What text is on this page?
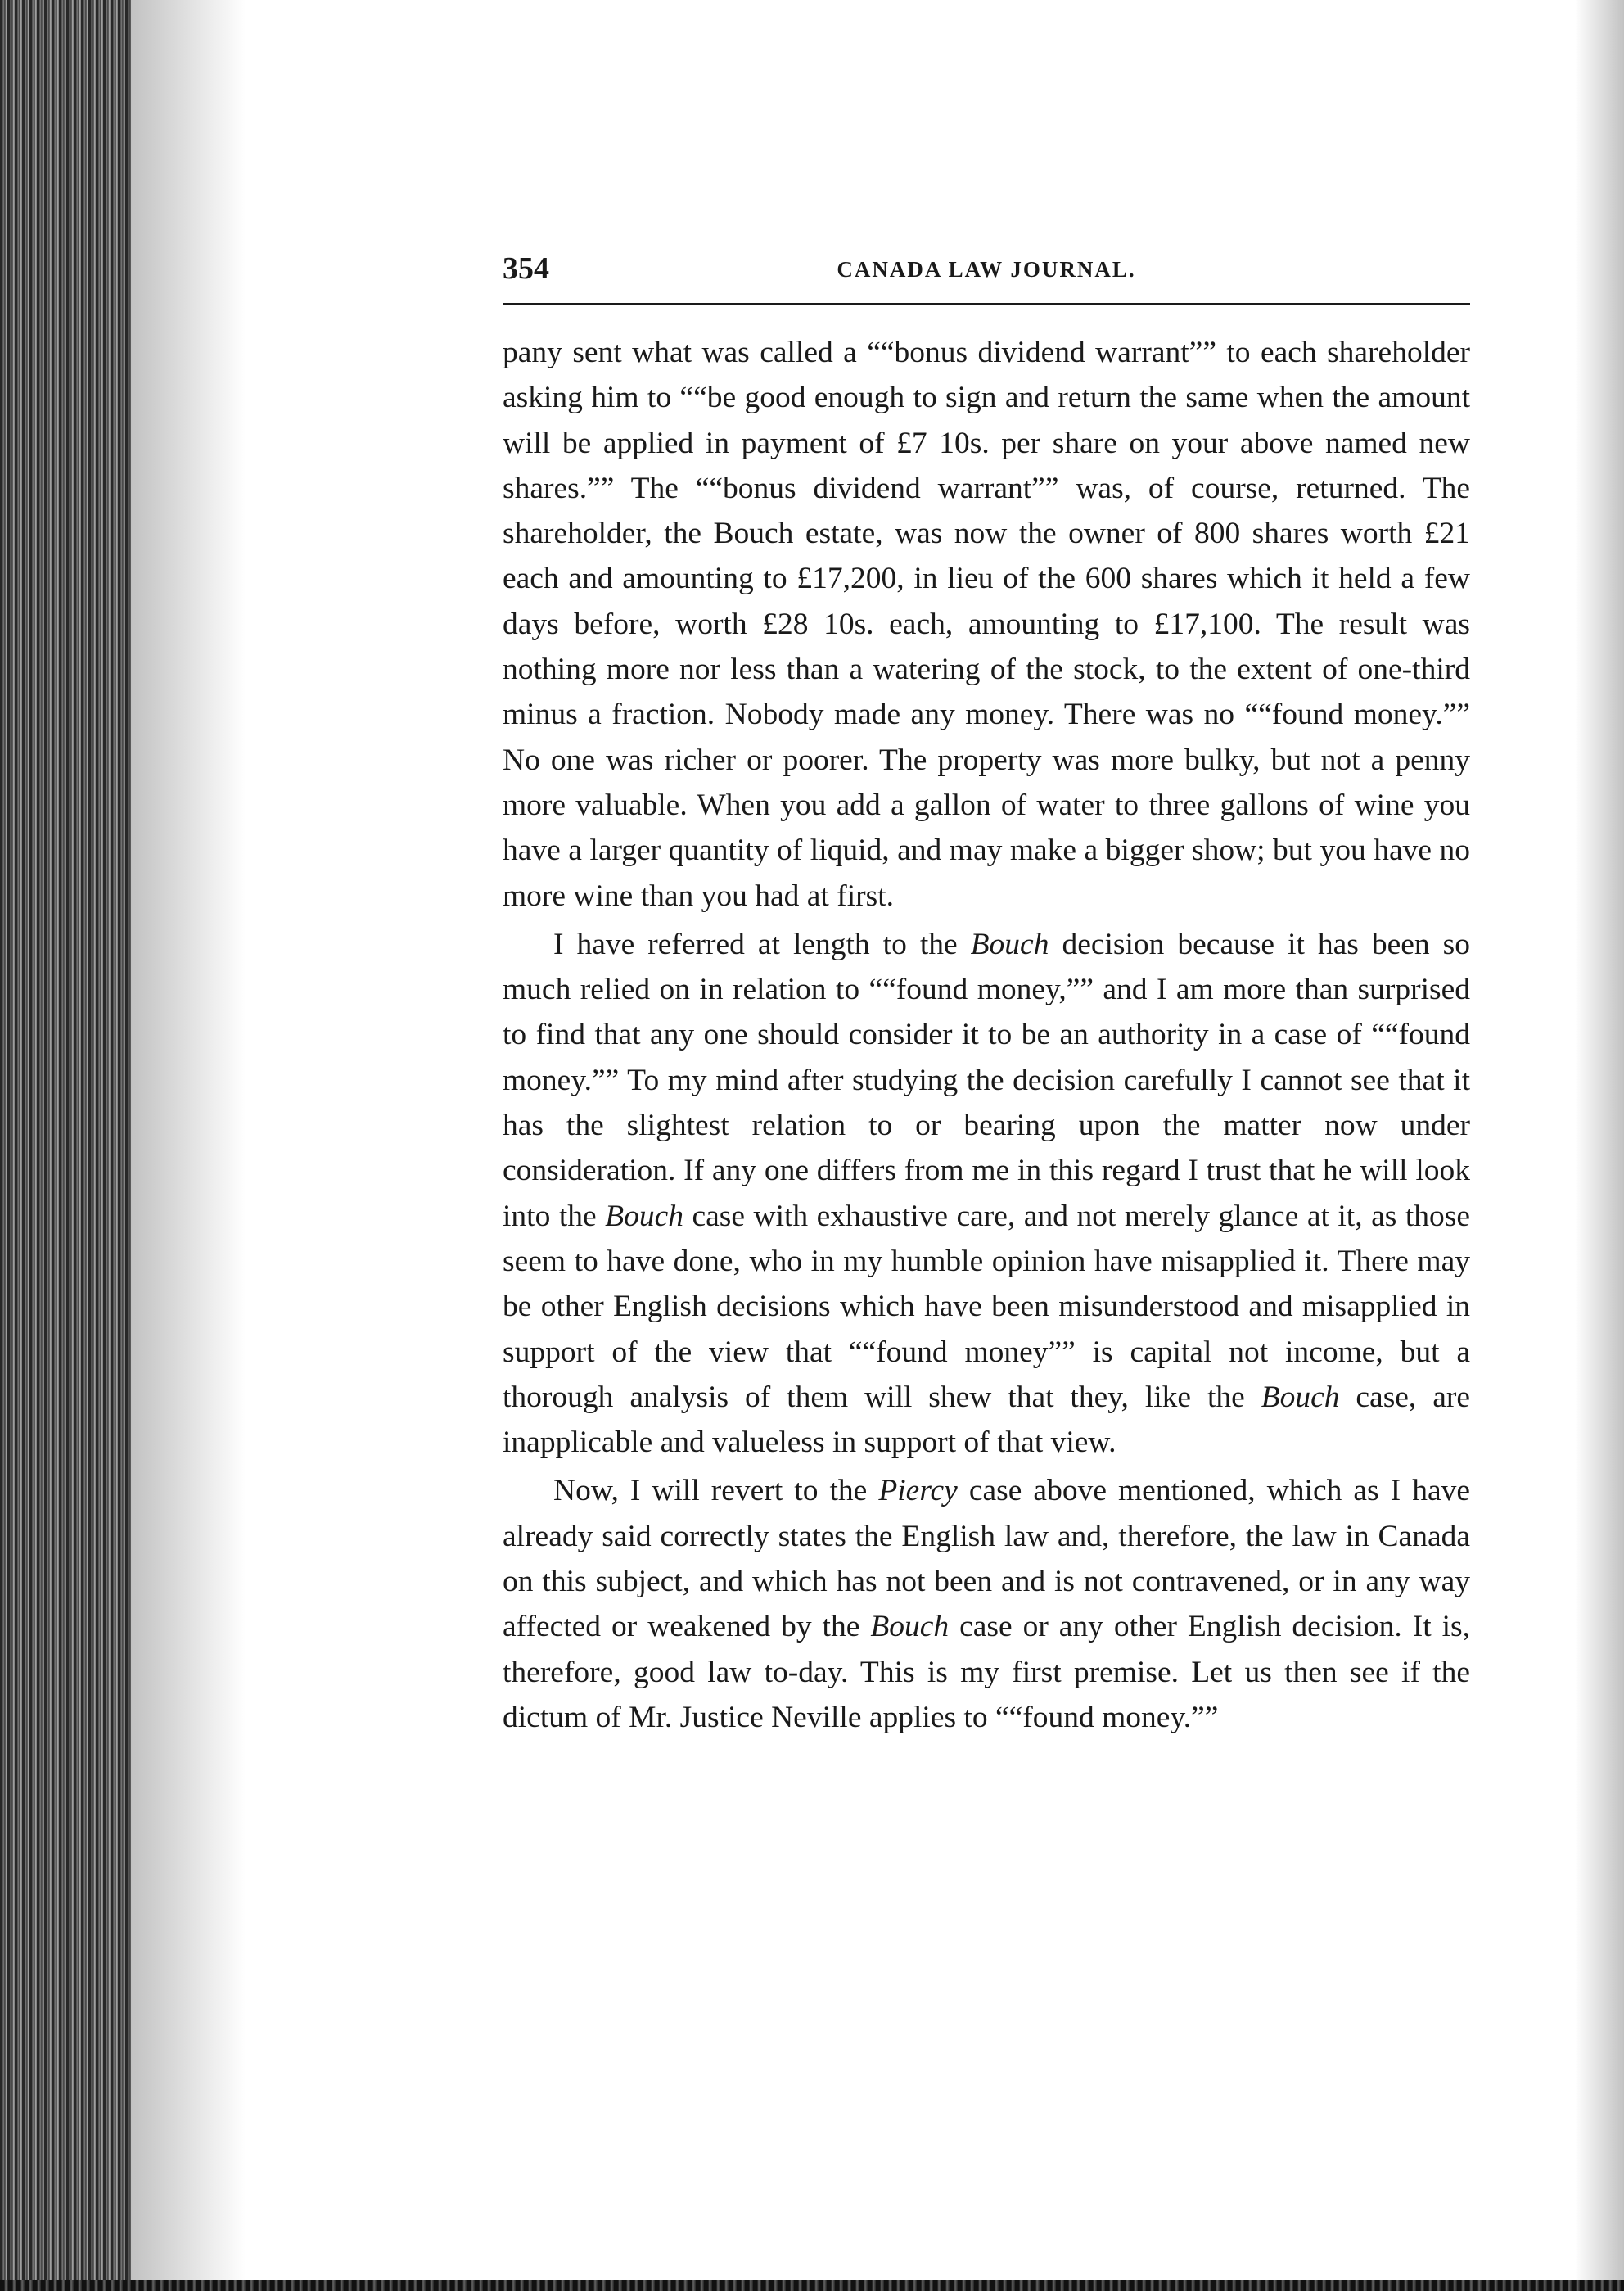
354	CANADA LAW JOURNAL.

pany sent what was called a ““bonus dividend warrant”” to each shareholder asking him to ““be good enough to sign and return the same when the amount will be applied in payment of £7 10s. per share on your above named new shares.”” The ““bonus dividend warrant”” was, of course, returned. The shareholder, the Bouch estate, was now the owner of 800 shares worth £21 each and amounting to £17,200, in lieu of the 600 shares which it held a few days before, worth £28 10s. each, amounting to £17,100. The result was nothing more nor less than a watering of the stock, to the extent of one-third minus a fraction. Nobody made any money. There was no ““found money.”” No one was richer or poorer. The property was more bulky, but not a penny more valuable. When you add a gallon of water to three gallons of wine you have a larger quantity of liquid, and may make a bigger show; but you have no more wine than you had at first.

I have referred at length to the Bouch decision because it has been so much relied on in relation to ““found money,”” and I am more than surprised to find that any one should consider it to be an authority in a case of ““found money.”” To my mind after studying the decision carefully I cannot see that it has the slightest relation to or bearing upon the matter now under consideration. If any one differs from me in this regard I trust that he will look into the Bouch case with exhaustive care, and not merely glance at it, as those seem to have done, who in my humble opinion have misapplied it. There may be other English decisions which have been misunderstood and misapplied in support of the view that ““found money”” is capital not income, but a thorough analysis of them will shew that they, like the Bouch case, are inapplicable and valueless in support of that view.

Now, I will revert to the Piercy case above mentioned, which as I have already said correctly states the English law and, therefore, the law in Canada on this subject, and which has not been and is not contravened, or in any way affected or weakened by the Bouch case or any other English decision. It is, therefore, good law to-day. This is my first premise. Let us then see if the dictum of Mr. Justice Neville applies to ““found money.””
